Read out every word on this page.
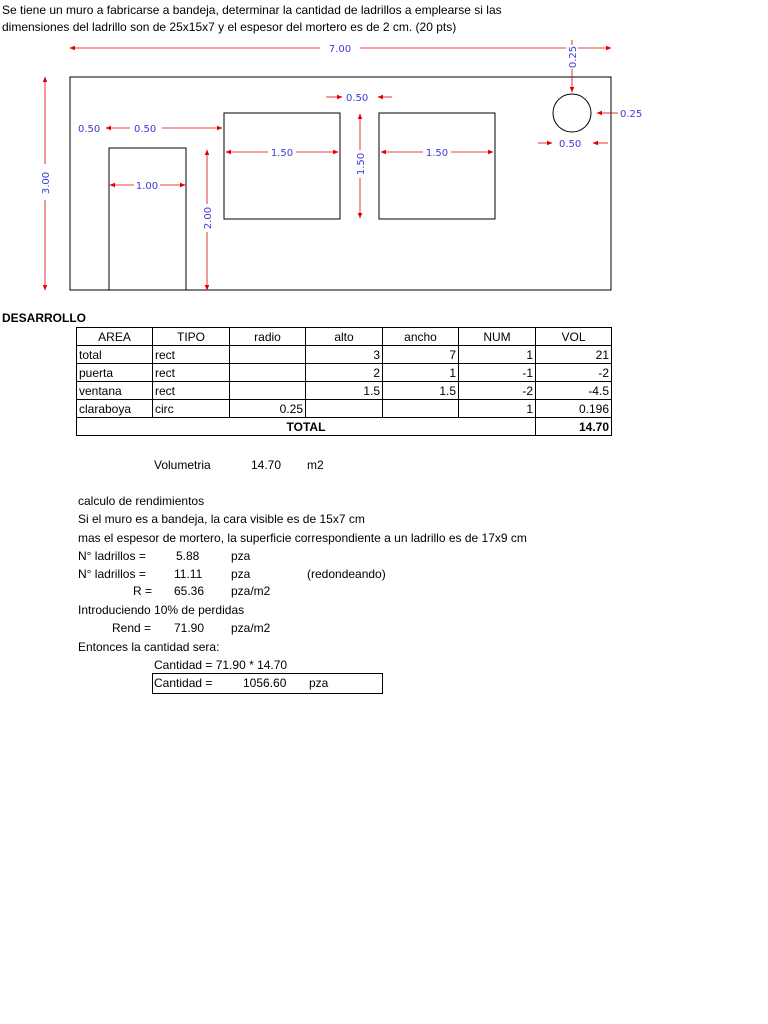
Se tiene un muro a fabricarse a bandeja, determinar la cantidad de ladrillos a emplearse si las
dimensiones del ladrillo son de 25x15x7 y el espesor del mortero es de 2 cm. (20 pts)
7.00
3.00
0.50	0.50
1.00
2.00
1.50
0.50
1.50	1.50
0.25
0.25
0.50
DESARROLLO
AREA	TIPO	radio	alto	ancho	NUM	VOL
total	rect		3	7	1	21
puerta	rect		2	1	-1	-2
ventana	rect		1.5	1.5	-2	-4.5
claraboya	circ	0.25			1	0.196
TOTAL						14.70
Volumetria	14.70 m2
calculo de rendimientos
Si el muro es a bandeja, la cara visible es de 15x7 cm
mas el espesor de mortero, la superficie correspondiente a un ladrillo es de 17x9 cm
N° ladrillos =	5.88	pza
N° ladrillos = 11.11 pza	(redondeando)
R = 65.36 pza/m2
Introduciendo 10% de perdidas
Rend = 71.90 pza/m2
Entonces la cantidad sera:
Cantidad = 71.90 * 14.70
Cantidad =	1056.60 pza
